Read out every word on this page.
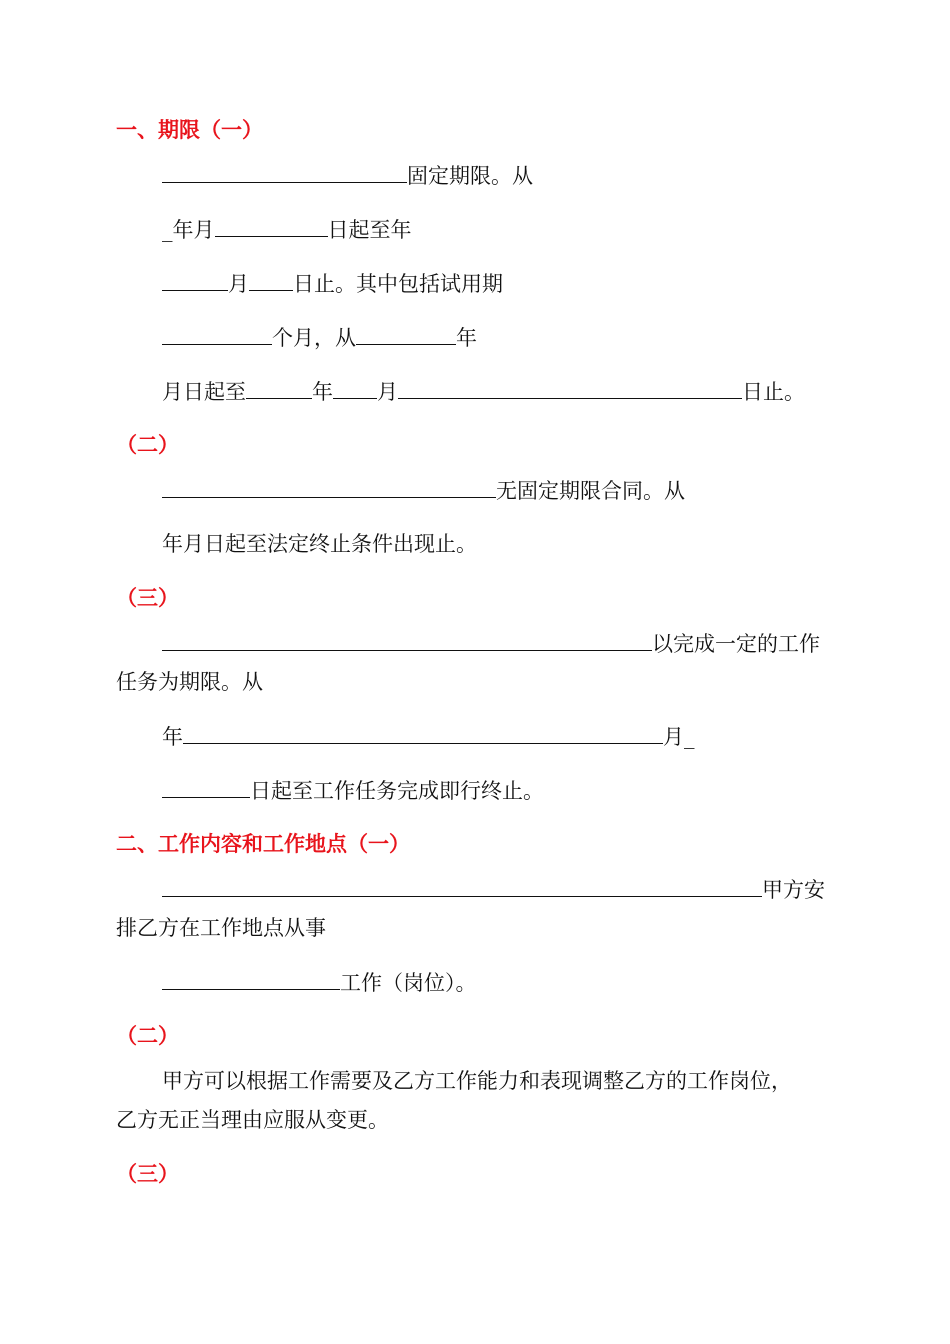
一、期限（一）
固定期限。从
_年月	日起至年
月 日止。其中包括试用期
个月，从	年
月日起至	年 月	日止。
（二）
无固定期限合同。从
年月日起至法定终止条件出现止。
（三）
以完成一定的工作
任务为期限。从
年	月_
日起至工作任务完成即行终止。
二、工作内容和工作地点（一）
甲方安
排乙方在工作地点从事
工作（岗位）。
（二）
甲方可以根据工作需要及乙方工作能力和表现调整乙方的工作岗位，
乙方无正当理由应服从变更。
（三）
